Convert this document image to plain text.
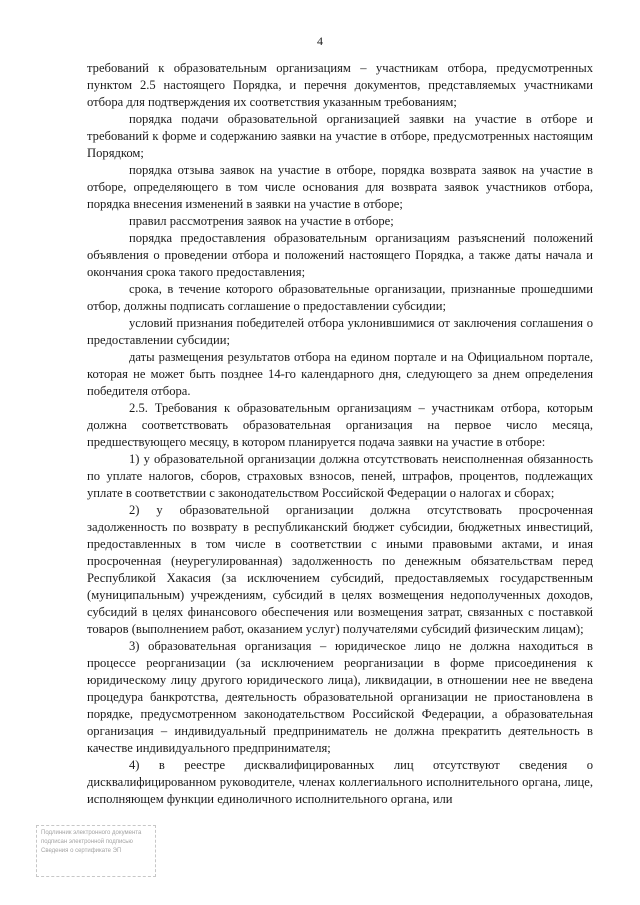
4

требований к образовательным организациям – участникам отбора, предусмотренных пунктом 2.5 настоящего Порядка, и перечня документов, представляемых участниками отбора для подтверждения их соответствия указанным требованиям;

порядка подачи образовательной организацией заявки на участие в отборе и требований к форме и содержанию заявки на участие в отборе, предусмотренных настоящим Порядком;

порядка отзыва заявок на участие в отборе, порядка возврата заявок на участие в отборе, определяющего в том числе основания для возврата заявок участников отбора, порядка внесения изменений в заявки на участие в отборе;

правил рассмотрения заявок на участие в отборе;

порядка предоставления образовательным организациям разъяснений положений объявления о проведении отбора и положений настоящего Порядка, а также даты начала и окончания срока такого предоставления;

срока, в течение которого образовательные организации, признанные прошедшими отбор, должны подписать соглашение о предоставлении субсидии;

условий признания победителей отбора уклонившимися от заключения соглашения о предоставлении субсидии;

даты размещения результатов отбора на едином портале и на Официальном портале, которая не может быть позднее 14-го календарного дня, следующего за днем определения победителя отбора.

2.5. Требования к образовательным организациям – участникам отбора, которым должна соответствовать образовательная организация на первое число месяца, предшествующего месяцу, в котором планируется подача заявки на участие в отборе:

1) у образовательной организации должна отсутствовать неисполненная обязанность по уплате налогов, сборов, страховых взносов, пеней, штрафов, процентов, подлежащих уплате в соответствии с законодательством Российской Федерации о налогах и сборах;

2) у образовательной организации должна отсутствовать просроченная задолженность по возврату в республиканский бюджет субсидии, бюджетных инвестиций, предоставленных в том числе в соответствии с иными правовыми актами, и иная просроченная (неурегулированная) задолженность по денежным обязательствам перед Республикой Хакасия (за исключением субсидий, предоставляемых государственным (муниципальным) учреждениям, субсидий в целях возмещения недополученных доходов, субсидий в целях финансового обеспечения или возмещения затрат, связанных с поставкой товаров (выполнением работ, оказанием услуг) получателями субсидий физическим лицам);

3) образовательная организация – юридическое лицо не должна находиться в процессе реорганизации (за исключением реорганизации в форме присоединения к юридическому лицу другого юридического лица), ликвидации, в отношении нее не введена процедура банкротства, деятельность образовательной организации не приостановлена в порядке, предусмотренном законодательством Российской Федерации, а образовательная организация – индивидуальный предприниматель не должна прекратить деятельность в качестве индивидуального предпринимателя;

4) в реестре дисквалифицированных лиц отсутствуют сведения о дисквалифицированном руководителе, членах коллегиального исполнительного органа, лице, исполняющем функции единоличного исполнительного органа, или

Подлинник электронного документа
подписан электронной подписью
Сведения о сертификате ЭП
